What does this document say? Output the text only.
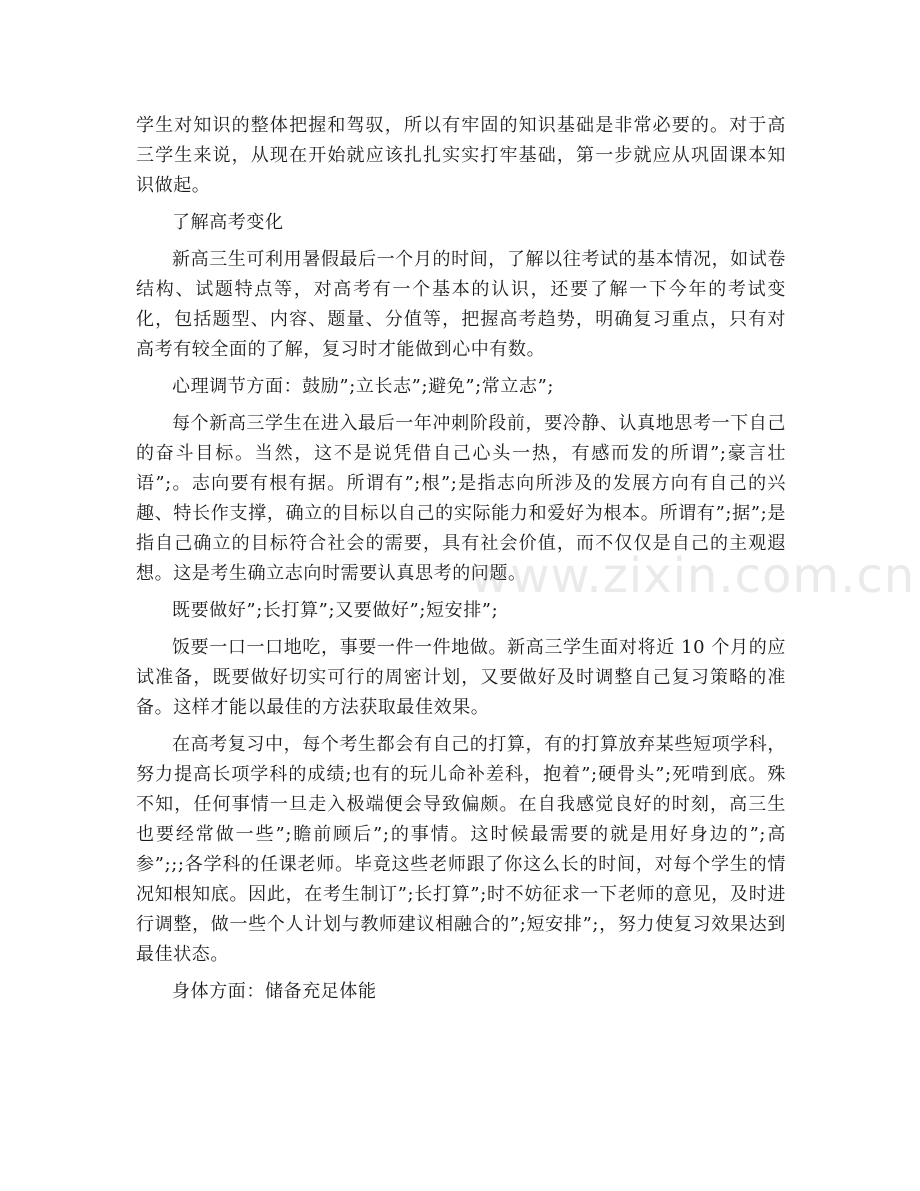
学生对知识的整体把握和驾驭，所以有牢固的知识基础是非常必要的。对于高三学生来说，从现在开始就应该扎扎实实打牢基础，第一步就应从巩固课本知识做起。

了解高考变化

新高三生可利用暑假最后一个月的时间，了解以往考试的基本情况，如试卷结构、试题特点等，对高考有一个基本的认识，还要了解一下今年的考试变化，包括题型、内容、题量、分值等，把握高考趋势，明确复习重点，只有对高考有较全面的了解，复习时才能做到心中有数。

心理调节方面：鼓励”;立长志”;避免”;常立志”;

每个新高三学生在进入最后一年冲刺阶段前，要冷静、认真地思考一下自己的奋斗目标。当然，这不是说凭借自己心头一热，有感而发的所谓”;豪言壮语”;。志向要有根有据。所谓有”;根”;是指志向所涉及的发展方向有自己的兴趣、特长作支撑，确立的目标以自己的实际能力和爱好为根本。所谓有”;据”;是指自己确立的目标符合社会的需要，具有社会价值，而不仅仅是自己的主观遐想。这是考生确立志向时需要认真思考的问题。

既要做好”;长打算”;又要做好”;短安排”;

饭要一口一口地吃，事要一件一件地做。新高三学生面对将近 10 个月的应试准备，既要做好切实可行的周密计划，又要做好及时调整自己复习策略的准备。这样才能以最佳的方法获取最佳效果。

在高考复习中，每个考生都会有自己的打算，有的打算放弃某些短项学科，努力提高长项学科的成绩;也有的玩儿命补差科，抱着”;硬骨头”;死啃到底。殊不知，任何事情一旦走入极端便会导致偏颇。在自我感觉良好的时刻，高三生也要经常做一些”;瞻前顾后”;的事情。这时候最需要的就是用好身边的”;高参”;;;各学科的任课老师。毕竟这些老师跟了你这么长的时间，对每个学生的情况知根知底。因此，在考生制订”;长打算”;时不妨征求一下老师的意见，及时进行调整，做一些个人计划与教师建议相融合的”;短安排”;，努力使复习效果达到最佳状态。

身体方面：储备充足体能

www.zixin.com.cn
